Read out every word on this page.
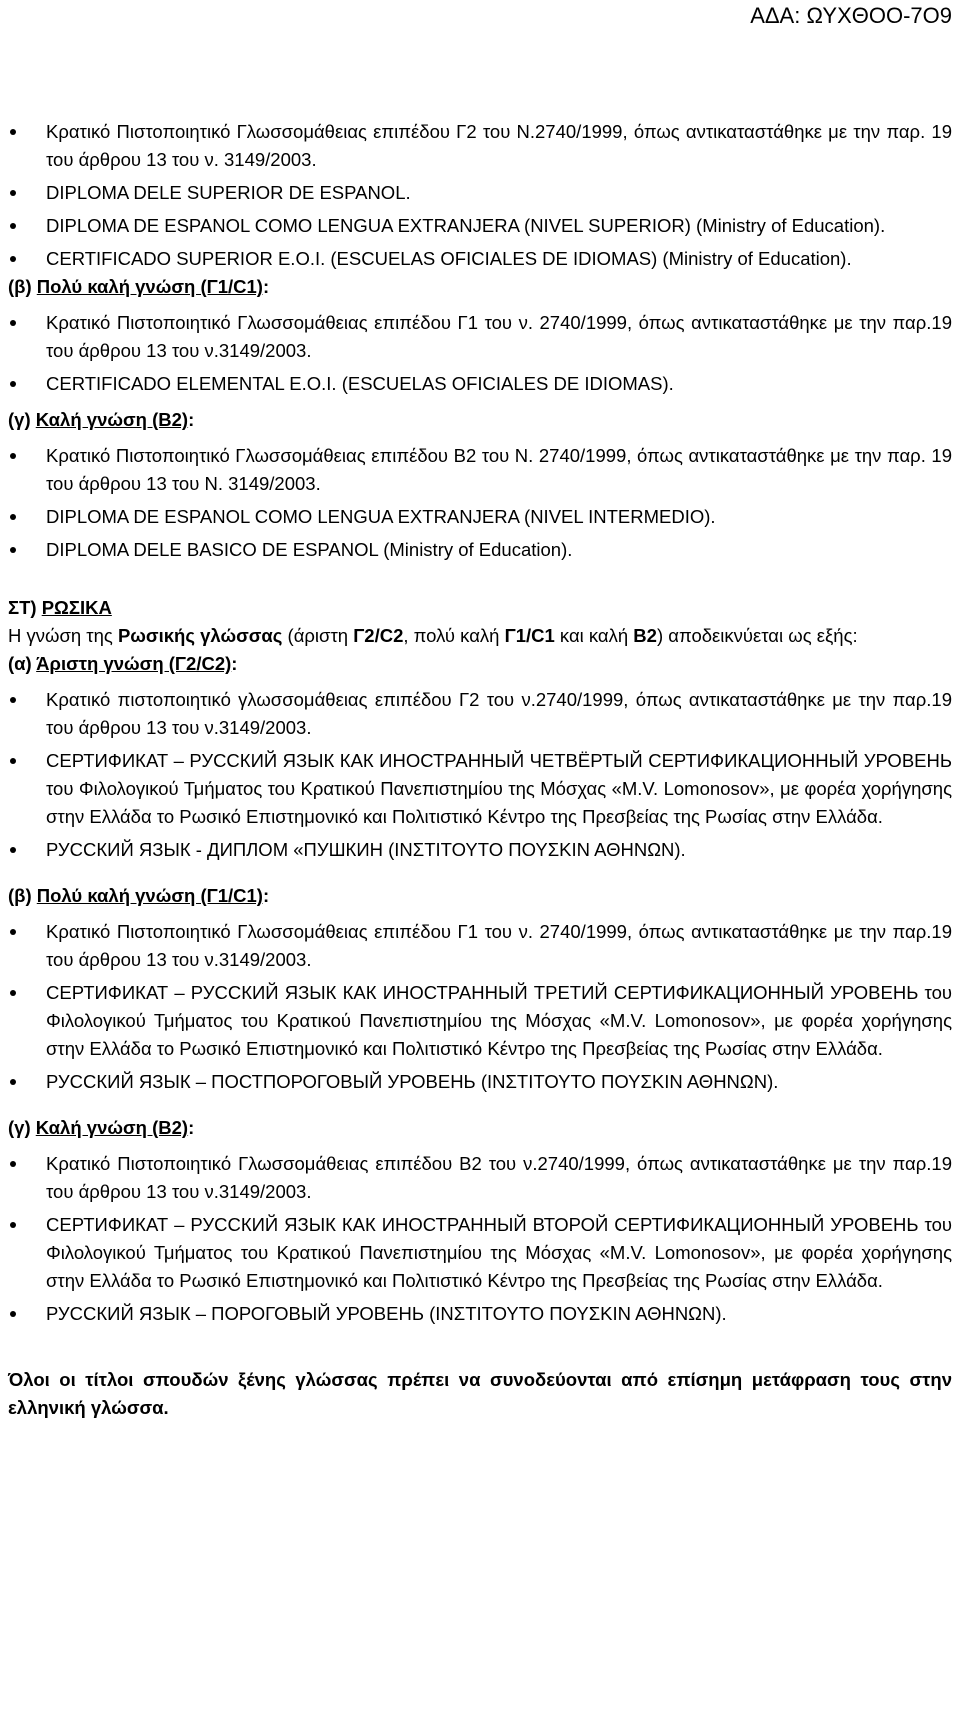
ΑΔΑ: ΩΥΧΘΟΟ-7Ο9
Κρατικό Πιστοποιητικό Γλωσσομάθειας επιπέδου Γ2 του Ν.2740/1999, όπως αντικαταστάθηκε με την παρ. 19 του άρθρου 13 του ν. 3149/2003.
DIPLOMA DELE SUPERIOR DE ESPANOL.
DIPLOMA DE ESPANOL COMO LENGUA EXTRANJERA (NIVEL SUPERIOR) (Ministry of Education).
CERTIFICADO SUPERIOR E.O.I. (ESCUELAS OFICIALES DE IDIOMAS) (Ministry of Education).

(β) Πολύ καλή γνώση (Γ1/C1):

Κρατικό Πιστοποιητικό Γλωσσομάθειας επιπέδου Γ1 του ν. 2740/1999, όπως αντικαταστάθηκε με την παρ.19 του άρθρου 13 του ν.3149/2003.
CERTIFICADO ELEMENTAL E.O.I. (ESCUELAS OFICIALES DE IDIOMAS).

(γ) Καλή γνώση (Β2):

Κρατικό Πιστοποιητικό Γλωσσομάθειας επιπέδου Β2 του Ν. 2740/1999, όπως αντικαταστάθηκε με την παρ. 19 του άρθρου 13 του Ν. 3149/2003.
DIPLOMA DE ESPANOL COMO LENGUA EXTRANJERA (NIVEL INTERMEDIO).
DIPLOMA DELE BASICO DE ESPANOL (Ministry of Education).
ΣΤ) ΡΩΣΙΚΑ

Η γνώση της Ρωσικής γλώσσας (άριστη Γ2/C2, πολύ καλή Γ1/C1 και καλή Β2) αποδεικνύεται ως εξής:

(α) Άριστη γνώση (Γ2/C2):

Κρατικό πιστοποιητικό γλωσσομάθειας επιπέδου Γ2 του ν.2740/1999, όπως αντικαταστάθηκε με την παρ.19 του άρθρου 13 του ν.3149/2003.
СЕРТИФИКАТ – РУССКИЙ ЯЗЫК КАК ИНОСТРАННЫЙ ЧЕТВЁРТЫЙ СЕРТИФИКАЦИОННЫЙ УРОВЕНЬ του Φιλολογικού Τμήματος του Κρατικού Πανεπιστημίου της Μόσχας «M.V. Lomonosov», με φορέα χορήγησης στην Ελλάδα το Ρωσικό Επιστημονικό και Πολιτιστικό Κέντρο της Πρεσβείας της Ρωσίας στην Ελλάδα.
РУССКИЙ ЯЗЫК - ДИПЛОМ «ПУШКИН (ΙΝΣΤΙΤΟΥΤΟ ΠΟΥΣΚΙΝ ΑΘΗΝΩΝ).

(β) Πολύ καλή γνώση (Γ1/C1):

Κρατικό Πιστοποιητικό Γλωσσομάθειας επιπέδου Γ1 του ν. 2740/1999, όπως αντικαταστάθηκε με την παρ.19 του άρθρου 13 του ν.3149/2003.
СЕРТИФИКАТ – РУССКИЙ ЯЗЫК КАК ИНОСТРАННЫЙ ТРЕТИЙ СЕРТИФИКАЦИОННЫЙ УРОВЕНЬ του Φιλολογικού Τμήματος του Κρατικού Πανεπιστημίου της Μόσχας «M.V. Lomonosov», με φορέα χορήγησης στην Ελλάδα το Ρωσικό Επιστημονικό και Πολιτιστικό Κέντρο της Πρεσβείας της Ρωσίας στην Ελλάδα.
РУССКИЙ ЯЗЫК – ПОСТПОРОГОВЫЙ УРОВЕНЬ (ΙΝΣΤΙΤΟΥΤΟ ΠΟΥΣΚΙΝ ΑΘΗΝΩΝ).

(γ) Καλή γνώση (Β2):

Κρατικό Πιστοποιητικό Γλωσσομάθειας επιπέδου Β2 του ν.2740/1999, όπως αντικαταστάθηκε με την παρ.19 του άρθρου 13 του ν.3149/2003.
СЕРТИФИКАТ – РУССКИЙ ЯЗЫК КАК ИНОСТРАННЫЙ ВТОРОЙ СЕРТИФИКАЦИОННЫЙ УРОВЕНЬ του Φιλολογικού Τμήματος του Κρατικού Πανεπιστημίου της Μόσχας «M.V. Lomonosov», με φορέα χορήγησης στην Ελλάδα το Ρωσικό Επιστημονικό και Πολιτιστικό Κέντρο της Πρεσβείας της Ρωσίας στην Ελλάδα.
РУССКИЙ ЯЗЫК – ПОРОГОВЫЙ УРОВЕНЬ (ΙΝΣΤΙΤΟΥΤΟ ΠΟΥΣΚΙΝ ΑΘΗΝΩΝ).

Όλοι οι τίτλοι σπουδών ξένης γλώσσας πρέπει να συνοδεύονται από επίσημη μετάφραση τους στην ελληνική γλώσσα.
